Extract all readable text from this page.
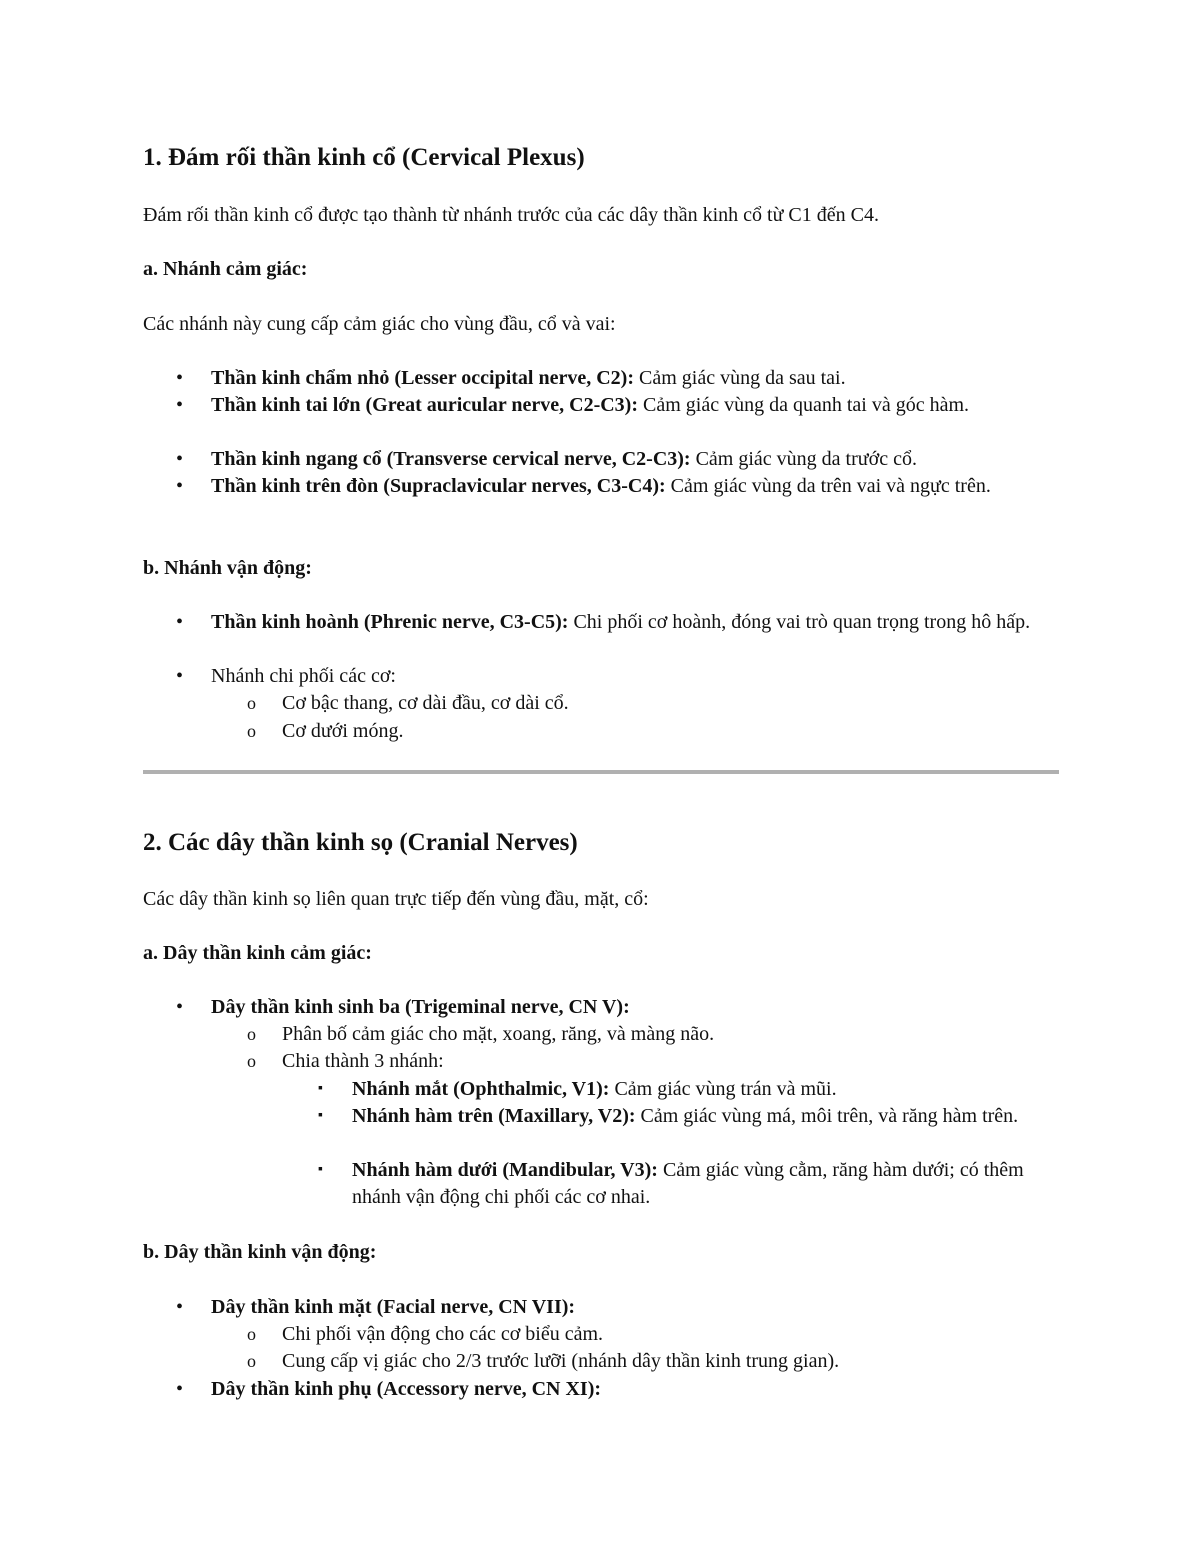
1. Đám rối thần kinh cổ (Cervical Plexus)
Đám rối thần kinh cổ được tạo thành từ nhánh trước của các dây thần kinh cổ từ C1 đến C4.
a. Nhánh cảm giác:
Các nhánh này cung cấp cảm giác cho vùng đầu, cổ và vai:
• Thần kinh chẩm nhỏ (Lesser occipital nerve, C2): Cảm giác vùng da sau tai.
• Thần kinh tai lớn (Great auricular nerve, C2-C3): Cảm giác vùng da quanh tai và góc hàm.
• Thần kinh ngang cổ (Transverse cervical nerve, C2-C3): Cảm giác vùng da trước cổ.
• Thần kinh trên đòn (Supraclavicular nerves, C3-C4): Cảm giác vùng da trên vai và ngực trên.
b. Nhánh vận động:
• Thần kinh hoành (Phrenic nerve, C3-C5): Chi phối cơ hoành, đóng vai trò quan trọng trong hô hấp.
• Nhánh chi phối các cơ:
o Cơ bậc thang, cơ dài đầu, cơ dài cổ.
o Cơ dưới móng.
2. Các dây thần kinh sọ (Cranial Nerves)
Các dây thần kinh sọ liên quan trực tiếp đến vùng đầu, mặt, cổ:
a. Dây thần kinh cảm giác:
• Dây thần kinh sinh ba (Trigeminal nerve, CN V):
o Phân bố cảm giác cho mặt, xoang, răng, và màng não.
o Chia thành 3 nhánh:
▪ Nhánh mắt (Ophthalmic, V1): Cảm giác vùng trán và mũi.
▪ Nhánh hàm trên (Maxillary, V2): Cảm giác vùng má, môi trên, và răng hàm trên.
▪ Nhánh hàm dưới (Mandibular, V3): Cảm giác vùng cằm, răng hàm dưới; có thêm nhánh vận động chi phối các cơ nhai.
b. Dây thần kinh vận động:
• Dây thần kinh mặt (Facial nerve, CN VII):
o Chi phối vận động cho các cơ biểu cảm.
o Cung cấp vị giác cho 2/3 trước lưỡi (nhánh dây thần kinh trung gian).
• Dây thần kinh phụ (Accessory nerve, CN XI):
